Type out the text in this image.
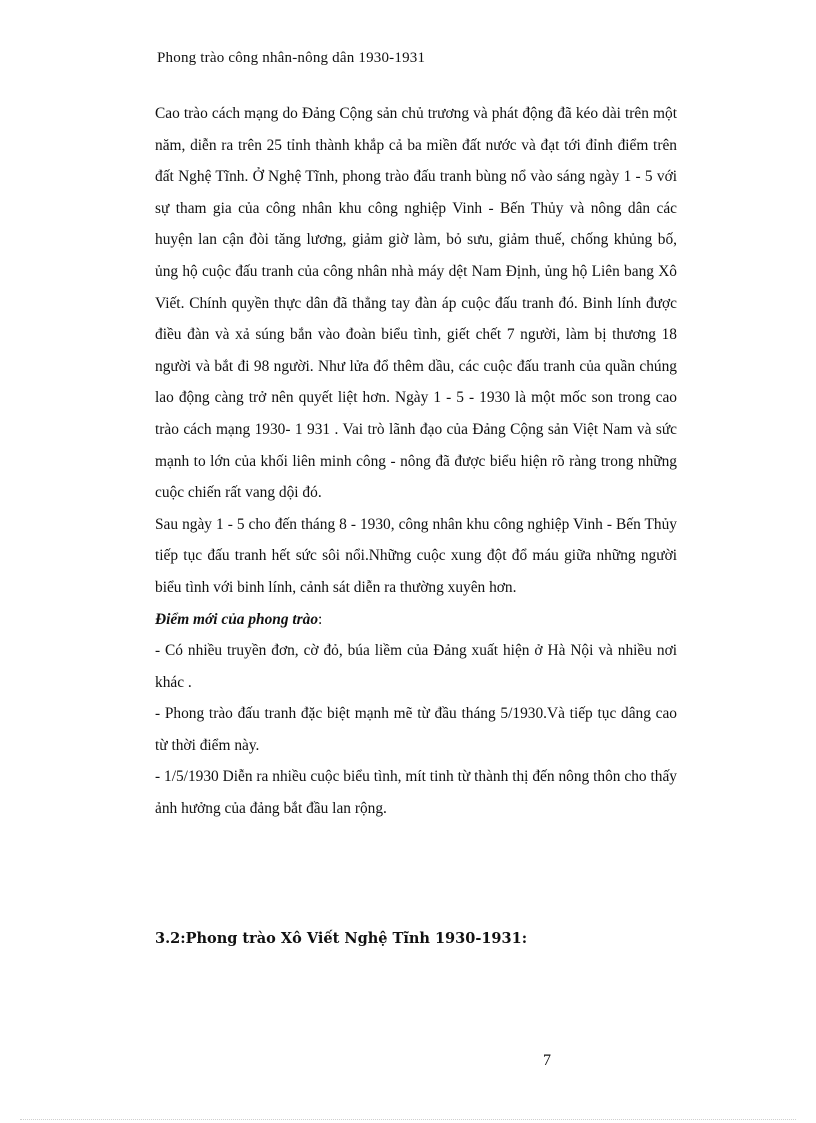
Phong trào công nhân-nông dân 1930-1931

Cao trào cách mạng do Đảng Cộng sản chủ trương và phát động đã kéo dài trên một năm, diễn ra trên 25 tỉnh thành khắp cả ba miền đất nước và đạt tới đỉnh điểm trên đất Nghệ Tĩnh. Ở Nghệ Tĩnh, phong trào đấu tranh bùng nổ vào sáng ngày 1 - 5 với sự tham gia của công nhân khu công nghiệp Vinh - Bến Thủy và nông dân các huyện lan cận đòi tăng lương, giảm giờ làm, bỏ sưu, giảm thuế, chống khủng bố, ủng hộ cuộc đấu tranh của công nhân nhà máy dệt Nam Định, ủng hộ Liên bang Xô Viết. Chính quyền thực dân đã thẳng tay đàn áp cuộc đấu tranh đó. Binh lính được điều đàn và xả súng bắn vào đoàn biểu tình, giết chết 7 người, làm bị thương 18 người và bắt đi 98 người. Như lửa đổ thêm dầu, các cuộc đấu tranh của quần chúng lao động càng trở nên quyết liệt hơn. Ngày 1 - 5 - 1930 là một mốc son trong cao trào cách mạng 1930- 1 931 . Vai trò lãnh đạo của Đảng Cộng sản Việt Nam và sức mạnh to lớn của khối liên minh công - nông đã được biểu hiện rõ ràng trong những cuộc chiến rất vang dội đó.

Sau ngày 1 - 5 cho đến tháng 8 - 1930, công nhân khu công nghiệp Vinh - Bến Thủy tiếp tục đấu tranh hết sức sôi nổi.Những cuộc xung đột đổ máu giữa những người biểu tình với binh lính, cảnh sát diễn ra thường xuyên hơn.

Điểm mới của phong trào:

- Có nhiều truyền đơn, cờ đỏ, búa liềm của Đảng xuất hiện ở Hà Nội và nhiều nơi khác .

- Phong trào đấu tranh đặc biệt mạnh mẽ từ đầu tháng 5/1930.Và tiếp tục dâng cao từ thời điểm này.

- 1/5/1930 Diễn ra nhiều cuộc biểu tình, mít tinh từ thành thị đến nông thôn cho thấy ảnh hưởng của đảng bắt đầu lan rộng.

3.2:Phong trào Xô Viết Nghệ Tĩnh 1930-1931:
7
